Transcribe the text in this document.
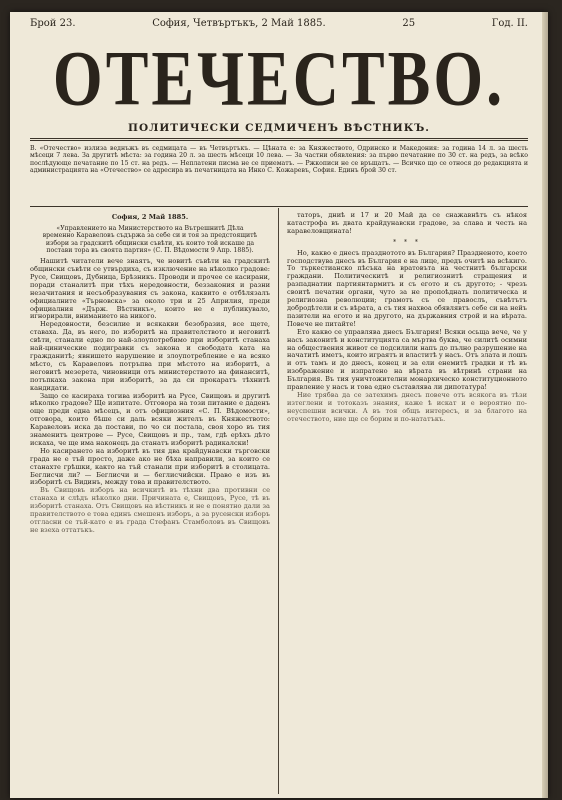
Брой 23.	София, Четвъртъкъ, 2 Май 1885.	25	Год. II.
ОТЕЧЕСТВО.
ПОЛИТИЧЕСКИ СЕДМИЧЕНЪ ВѢСТНИКЪ.
В. «Отечество» излиза веднъжъ въ седмицата — въ Четвъртъкъ. — Цѣната е: за Княжеството, Одринско и Македония: за година 14 л. за шесть мѣсеци 7 лева. За другитѣ мѣста: за година 20 л. за шесть мѣсеци 10 лева. — За частни обявления: за първо печатание по 30 ст. на редъ, за всѣко послѣдующе печатание по 15 ст. на редъ. — Неплатени писма не се приематъ. — Ржкописи не се връщатъ. — Всичко що се относя до редакцията и администрацията на «Отечество» се адресира въ печатницата на Инко С. Кожаревъ, София. Единъ брой 30 ст.
София, 2 Май 1885.
«Управлението на Министерството на Вътрешнитѣ Дѣла временно Каравеловъ съдържа за себе си и тоя за предстоящитѣ избори за градскитѣ общински съвѣти, къ които той искаше да постави тора въ своята партия» (С. П. Вѣдомости 9 Апр. 1885).

Нашитѣ читатели вече знаятъ, че новитѣ съвѣти на градскитѣ общински съвѣти се утвърдиха, съ изключение на нѣколко градове: Русе, Свищовъ, Дубница, Брѣзникъ. Проводи и прочее се касирани, поради станалитѣ при тѣхъ нередовности, беззакония и разни незачитания и несъобразувания съ закона, каквито е отбѣлязалъ официалните «Търновска» за около три и 25 Априлия, преди официалния «Държ. Вѣстникъ», които не е публикувало, игнорирали, вниманието на никого.

Нередовности, безсилие и всякакви безобразия, все щете, ставаха. Да, въ него, по изборитѣ на правителството и неговитѣ свѣти, станали едно по най-злоупотребимо при изборитѣ станаха най-цинические подигравки съ закона и свободата ката на гражданитѣ; явнишето нарушение и злоупотребление е на всяко мѣсто, съ Каравеловъ потръпва при мѣстото на изборитѣ, а неговитѣ мезерета, чиновници отъ министерството на финанситѣ, потъпкаха закона при изборитѣ, за да си прокаратъ тѣхнитѣ кандидати.

Защо се касираха тогива изборитѣ на Русе, Свищовъ и другитѣ нѣколко градове? Ще изпитате. Отговора на този питание е даденъ още преди една мѣсецъ, и отъ официозния «С. П. Вѣдомости», отговора, които бѣше си даль всяки жителъ въ Княжеството: Каравеловъ иска да постави, по чо си постала, своя хоро въ тия знаменитъ центрове — Русе, Свищовъ и пр., там, гдѣ ерѣхъ дѣто искаха, че ще има наконецъ да станатъ изборитѣ радикалски!

Но касирането на изборитѣ въ тия два крайдунавски търговски града не е тъй просто, даже ако не бѣха направили, за които се станахте грѣшки, както на тъй станали при изборитѣ в столицата. Беглисчи ли? — Беглисчи и — беглисчийски. Право е изъ въ изборитѣ съ Видинъ, между това и правителството.

Въ Свищовъ изборъ на всичкитѣ въ тѣхни два противни се станаха и слѣдъ нѣколко дни. Причината е, Свищовъ, Русе, тѣ въ изборитѣ станаха. Отъ Свищовъ на вѣстникъ и не е понятно дали за правителството е това единъ смешенъ изборъ, а за русенски изборъ отгласни се тъй-като е въ града Стефанъ Стамболовъ въ Свищовъ не взеха оттатъкъ.

таторъ, дниѣ и 17 и 20 Май да се снажавнѣтъ съ нѣкоя катастрофа въ двата крайдунавски градове, за слава и честь на карaвеловщината!

* * *

Но, какво е днесъ празднотото въ България? Праздненото, което господствува днесъ въ България е на лице, предъ очитѣ на всѣкиго. То търкестианско пѣсъка на вратовъта на честнитѣ български граждани. Политическитѣ и религиознитѣ стращения и разпаднатии партиянтармитъ и съ егото и съ другото; - чрезъ своитѣ печатни органи, чуто за не пропоѣднать политическа и религиозна революции; грамотъ съ се правослъ, съвѣтътъ добродѣтели и съ вѣрата, а съ тия нахвоа обявлявтъ себе си на нейъ пазители на егото и на другото, на държавния строй и на вѣрата. Повече не питайте!

Ето какво се управлява днесъ България! Всяки осьща вече, че у насъ законитѣ и конституцията са мъртва буква, че силитѣ осимни на обществения живот се подсилили напъ до пълно разрушение на начатитѣ иметъ, които играятъ и властитѣ у насъ. Отъ злата и лошъ и отъ тамъ и до днесъ, конец и за ели енемитѣ градки и тѣ въ изображение и изпратено на вѣрата въ вѣтринѣ страни на България. Въ тия уничтожителни монархическо конституционното правление у насъ и това едно съставлява ли дипотатура!

Ние трябва да се затехимъ днесъ повече отъ всякога въ тѣзи изтеглени и тотоказъ знания, каже ѣ искат и е вероятно по-неуспешни всички. А въ тоя общъ интересъ, и за благото на отечеството, ние ще се борим и по-нататъкъ.
